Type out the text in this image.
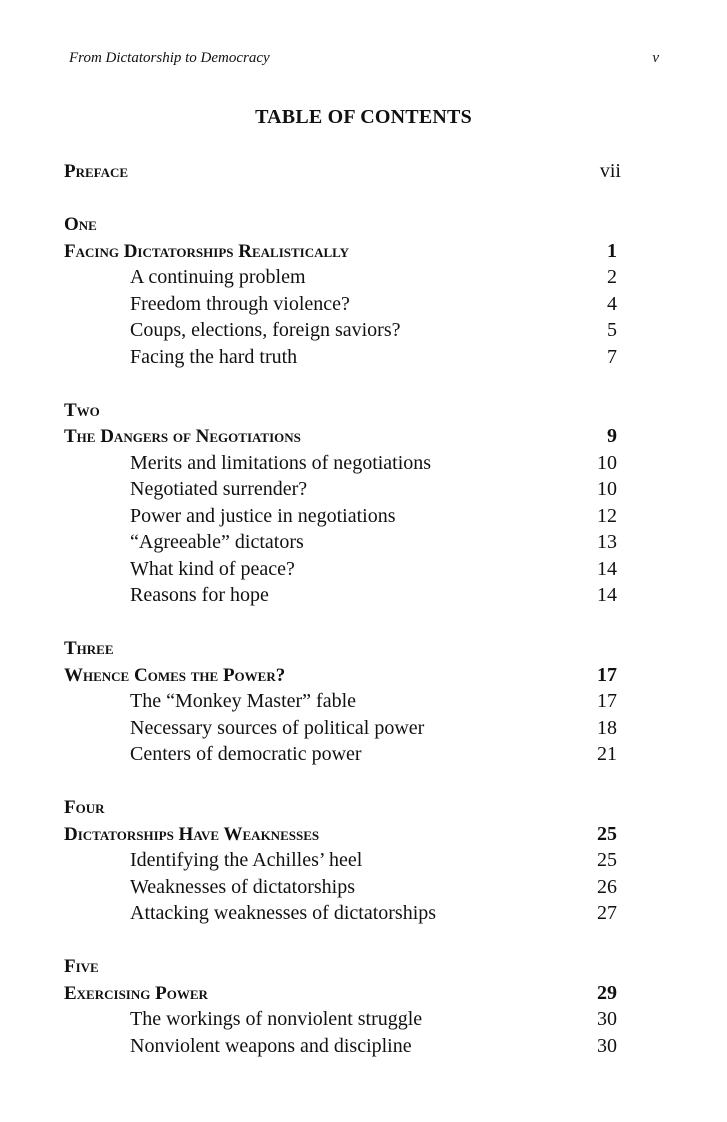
From Dictatorship to Democracy	v
TABLE OF CONTENTS
Preface	vii
One
Facing Dictatorships Realistically	1
A continuing problem	2
Freedom through violence?	4
Coups, elections, foreign saviors?	5
Facing the hard truth	7
Two
The Dangers of Negotiations	9
Merits and limitations of negotiations	10
Negotiated surrender?	10
Power and justice in negotiations	12
“Agreeable” dictators	13
What kind of peace?	14
Reasons for hope	14
Three
Whence Comes the Power?	17
The “Monkey Master” fable	17
Necessary sources of political power	18
Centers of democratic power	21
Four
Dictatorships Have Weaknesses	25
Identifying the Achilles’ heel	25
Weaknesses of dictatorships	26
Attacking weaknesses of dictatorships	27
Five
Exercising Power	29
The workings of nonviolent struggle	30
Nonviolent weapons and discipline	30
